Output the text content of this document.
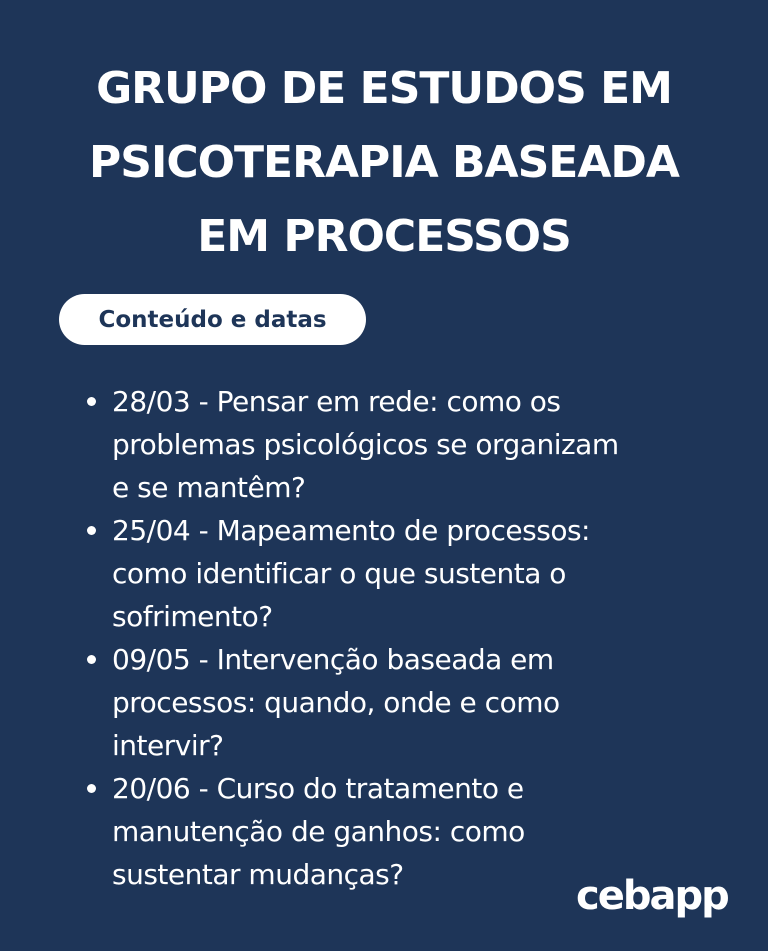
GRUPO DE ESTUDOS EM
PSICOTERAPIA BASEADA
EM PROCESSOS
Conteúdo e datas
28/03 - Pensar em rede: como os
problemas psicológicos se organizam
e se mantêm?
25/04 - Mapeamento de processos:
como identificar o que sustenta o
sofrimento?
09/05 - Intervenção baseada em
processos: quando, onde e como
intervir?
20/06 - Curso do tratamento e
manutenção de ganhos: como
sustentar mudanças?	cebapp
